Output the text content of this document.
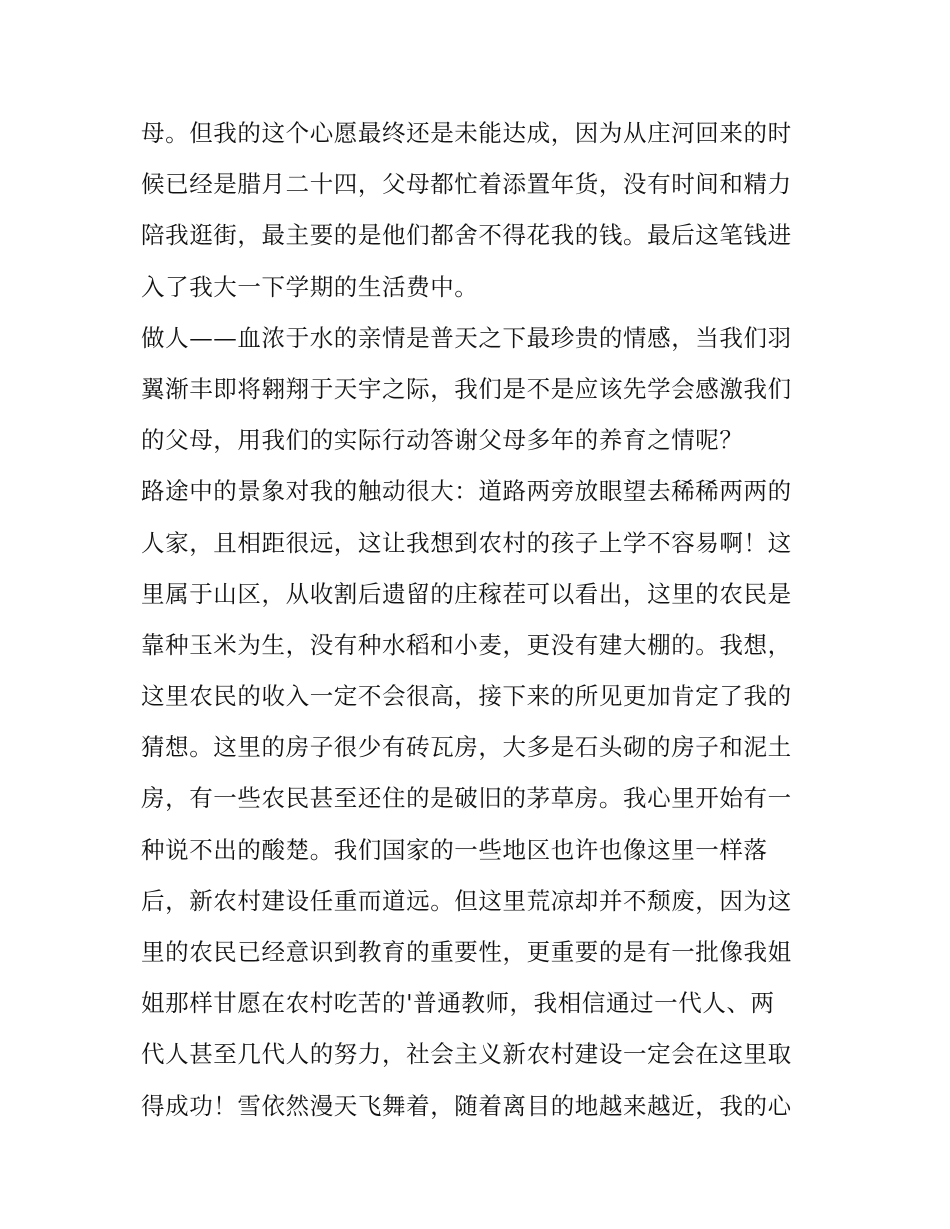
母。但我的这个心愿最终还是未能达成，因为从庄河回来的时
候已经是腊月二十四，父母都忙着添置年货，没有时间和精力
陪我逛街，最主要的是他们都舍不得花我的钱。最后这笔钱进
入了我大一下学期的生活费中。
做人——血浓于水的亲情是普天之下最珍贵的情感，当我们羽
翼渐丰即将翱翔于天宇之际，我们是不是应该先学会感激我们
的父母，用我们的实际行动答谢父母多年的养育之情呢？
路途中的景象对我的触动很大：道路两旁放眼望去稀稀两两的
人家，且相距很远，这让我想到农村的孩子上学不容易啊！这
里属于山区，从收割后遗留的庄稼茬可以看出，这里的农民是
靠种玉米为生，没有种水稻和小麦，更没有建大棚的。我想，
这里农民的收入一定不会很高，接下来的所见更加肯定了我的
猜想。这里的房子很少有砖瓦房，大多是石头砌的房子和泥土
房，有一些农民甚至还住的是破旧的茅草房。我心里开始有一
种说不出的酸楚。我们国家的一些地区也许也像这里一样落
后，新农村建设任重而道远。但这里荒凉却并不颓废，因为这
里的农民已经意识到教育的重要性，更重要的是有一批像我姐
姐那样甘愿在农村吃苦的'普通教师，我相信通过一代人、两
代人甚至几代人的努力，社会主义新农村建设一定会在这里取
得成功！雪依然漫天飞舞着，随着离目的地越来越近，我的心
